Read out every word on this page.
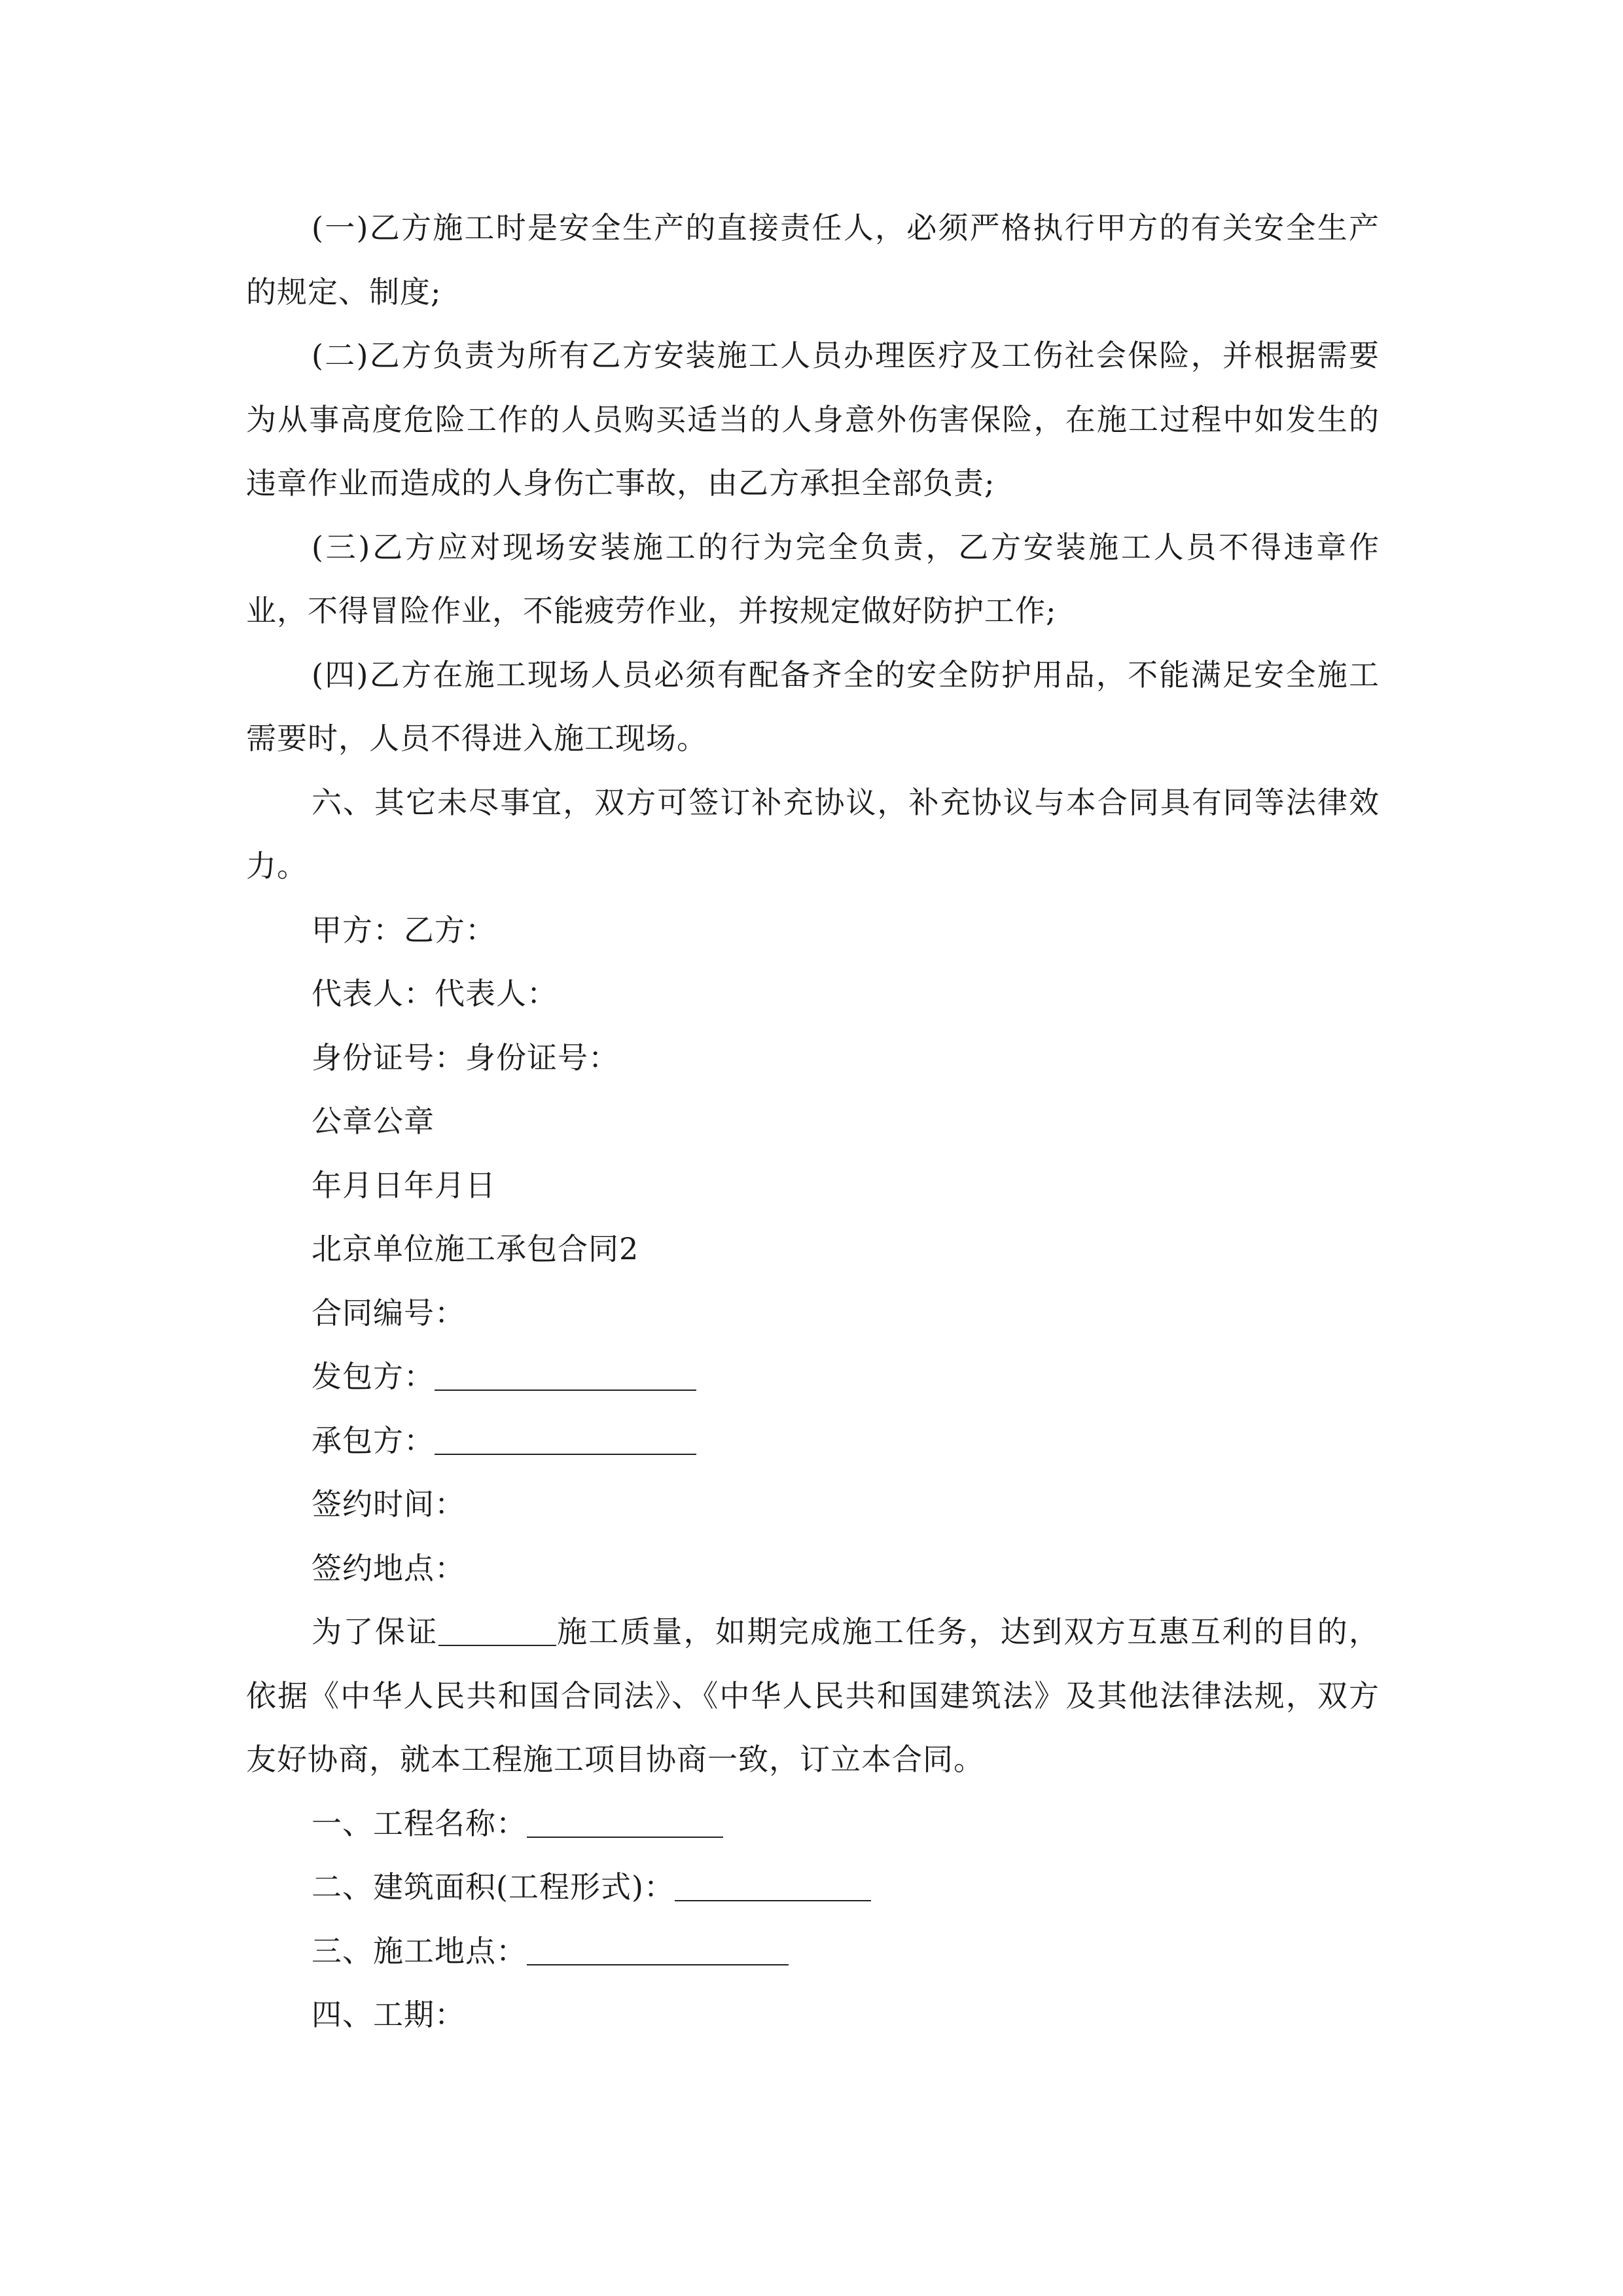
(一)乙方施工时是安全生产的直接责任人，必须严格执行甲方的有关安全生产的规定、制度;

(二)乙方负责为所有乙方安装施工人员办理医疗及工伤社会保险，并根据需要为从事高度危险工作的人员购买适当的人身意外伤害保险，在施工过程中如发生的违章作业而造成的人身伤亡事故，由乙方承担全部负责;

(三)乙方应对现场安装施工的行为完全负责，乙方安装施工人员不得违章作业，不得冒险作业，不能疲劳作业，并按规定做好防护工作;

(四)乙方在施工现场人员必须有配备齐全的安全防护用品，不能满足安全施工需要时，人员不得进入施工现场。

六、其它未尽事宜，双方可签订补充协议，补充协议与本合同具有同等法律效力。

甲方：乙方：

代表人：代表人：

身份证号：身份证号：

公章公章

年月日年月日

北京单位施工承包合同2

合同编号：

发包方：

承包方：

签约时间：

签约地点：

为了保证	施工质量，如期完成施工任务，达到双方互惠互利的目的，依据《中华人民共和国合同法》、《中华人民共和国建筑法》及其他法律法规，双方友好协商，就本工程施工项目协商一致，订立本合同。

一、工程名称：

二、建筑面积(工程形式)：

三、施工地点：

四、工期：
